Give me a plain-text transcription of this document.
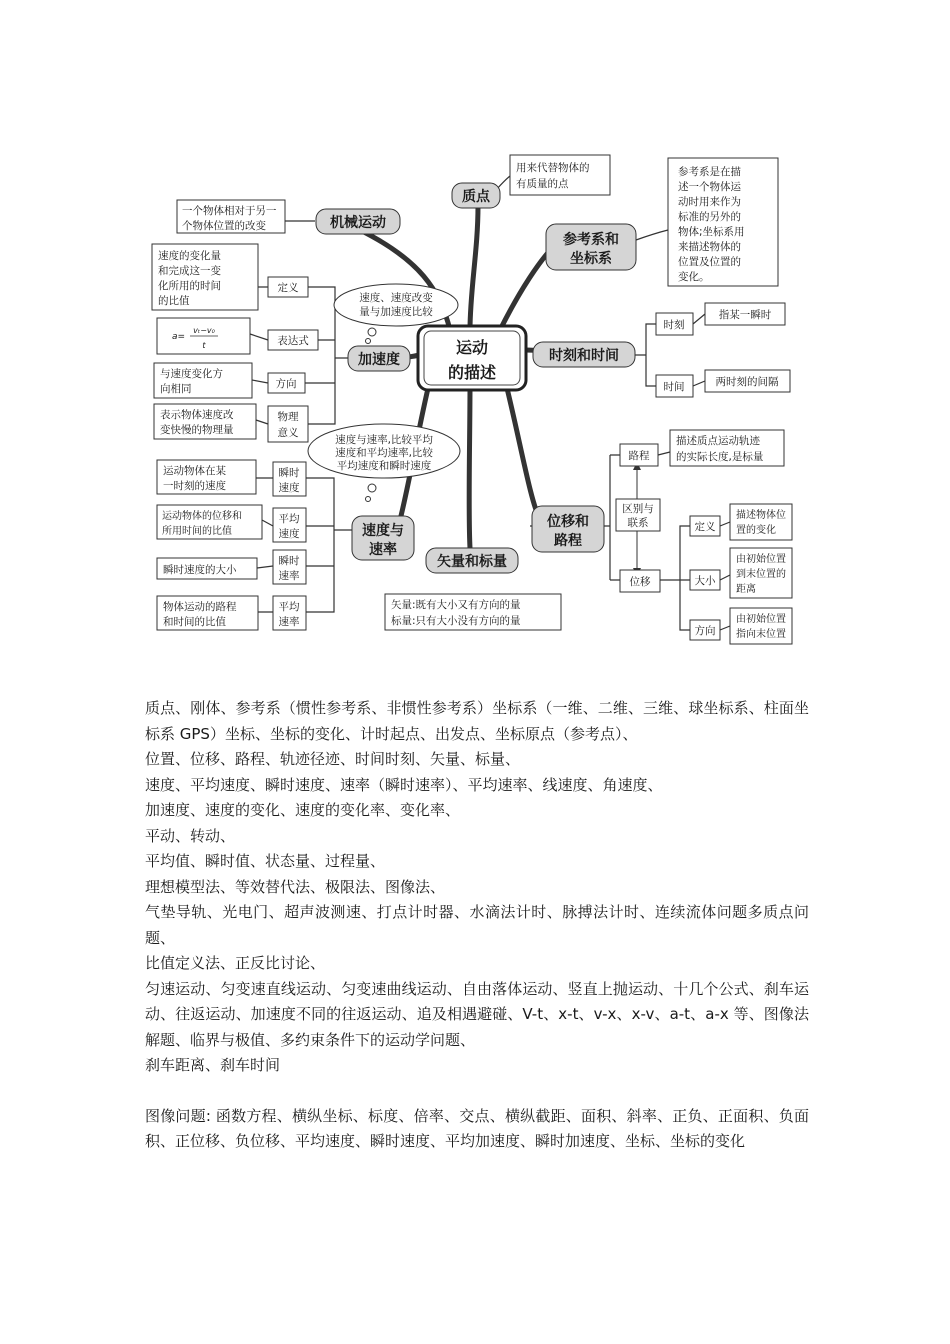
运动
的描述
质点
机械运动
参考系和
坐标系
时刻和时间
加速度
速度与
速率
矢量和标量
位移和
路程
用来代替物体的
有质量的点
一个物体相对于另一
个物体位置的改变
参考系是在描
述一个物体运
动时用来作为
标准的另外的
物体;坐标系用
来描述物体的
位置及位置的
变化。
时刻
指某一瞬时
时间	两时刻的间隔
速度、速度改变
量与加速度比较
定义
速度的变化量
和完成这一变
化所用的时间
的比值
表达式
a=
vₜ−v₀
t
方向
与速度变化方
向相同
物理
意义
表示物体速度改
变快慢的物理量
速度与速率,比较平均
速度和平均速率,比较
平均速度和瞬时速度
瞬时
速度
运动物体在某
一时刻的速度
平均
速度
运动物体的位移和
所用时间的比值
瞬时
速率
瞬时速度的大小
平均
速率
物体运动的路程
和时间的比值
矢量:既有大小又有方向的量
标量:只有大小没有方向的量
路程
描述质点运动轨迹
的实际长度,是标量
区别与
联系
位移
定义
描述物体位
置的变化
大小
由初始位置
到末位置的
距离
方向
由初始位置
指向末位置

质点、刚体、参考系（惯性参考系、非惯性参考系）坐标系（一维、二维、三维、球坐标系、柱面坐标系 GPS）坐标、坐标的变化、计时起点、出发点、坐标原点（参考点）、

位置、位移、路程、轨迹径迹、时间时刻、矢量、标量、

速度、平均速度、瞬时速度、速率（瞬时速率）、平均速率、线速度、角速度、

加速度、速度的变化、速度的变化率、变化率、

平动、转动、

平均值、瞬时值、状态量、过程量、

理想模型法、等效替代法、极限法、图像法、

气垫导轨、光电门、超声波测速、打点计时器、水滴法计时、脉搏法计时、连续流体问题多质点问题、

比值定义法、正反比讨论、

匀速运动、匀变速直线运动、匀变速曲线运动、自由落体运动、竖直上抛运动、十几个公式、刹车运动、往返运动、加速度不同的往返运动、追及相遇避碰、V-t、x-t、v-x、x-v、a-t、a-x 等、图像法解题、临界与极值、多约束条件下的运动学问题、

刹车距离、刹车时间

图像问题: 函数方程、横纵坐标、标度、倍率、交点、横纵截距、面积、斜率、正负、正面积、负面积、正位移、负位移、平均速度、瞬时速度、平均加速度、瞬时加速度、坐标、坐标的变化
